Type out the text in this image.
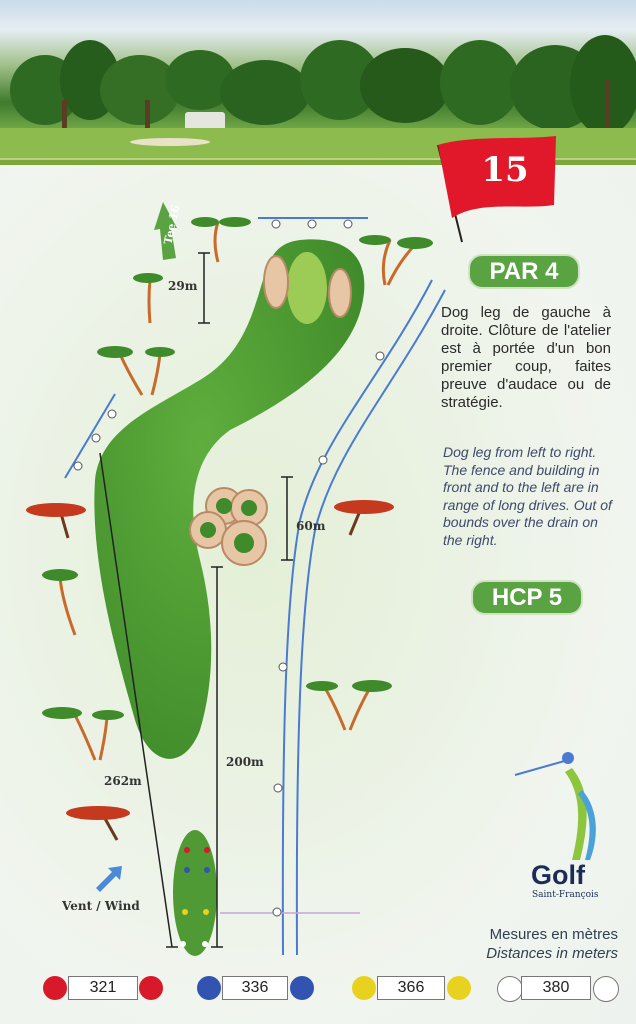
15
PAR 4
HCP 5
Dog leg de gauche à droite. Clôture de l'atelier est à portée d'un bon premier coup, faites preuve d'audace ou de stratégie.
Dog leg from left to right. The fence and building in front and to the left are in range of long drives. Out of bounds over the drain on the right.
Tee 16
29m
60m
200m
262m
Vent / Wind
Golf
Saint-François
Mesures en mètres
Distances in meters
321	336	366	380
